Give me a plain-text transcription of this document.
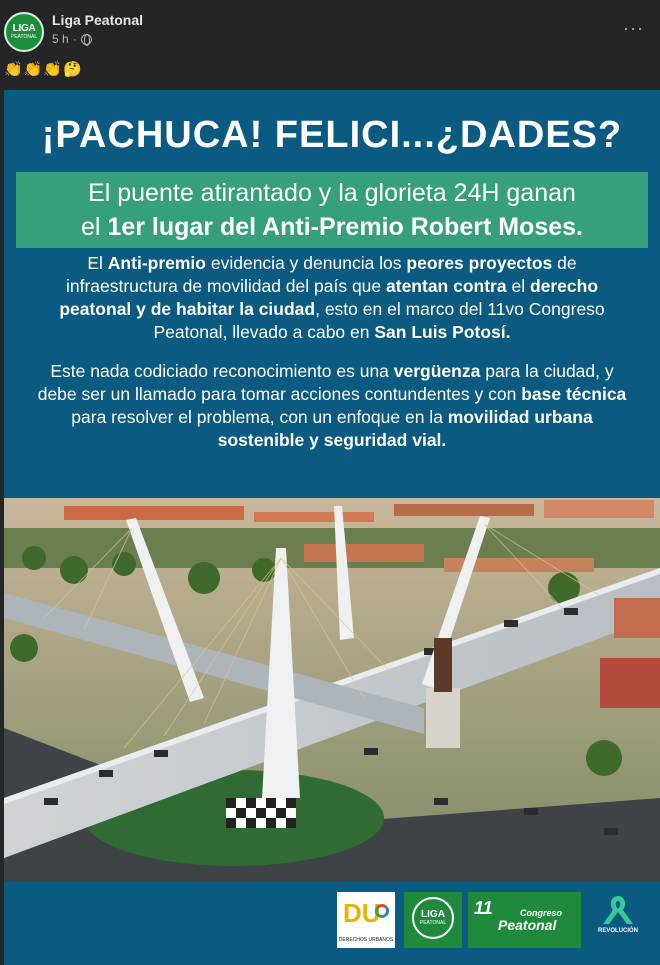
LIGA
PEATONAL
Liga Peatonal
5 h ·
···
👏👏👏🤔
¡PACHUCA! FELICI...¿DADES?
El puente atirantado y la glorieta 24H ganan
el 1er lugar del Anti-Premio Robert Moses.
El Anti-premio evidencia y denuncia los peores proyectos de infraestructura de movilidad del país que atentan contra el derecho peatonal y de habitar la ciudad, esto en el marco del 11vo Congreso Peatonal, llevado a cabo en San Luis Potosí.
Este nada codiciado reconocimiento es una vergüenza para la ciudad, y debe ser un llamado para tomar acciones contundentes y con base técnica para resolver el problema, con un enfoque en la movilidad urbana sostenible y seguridad vial.
DU
DERECHOS URBANOS
LIGA
PEATONAL
11	Congreso
Peatonal	REVOLUCIÓN
